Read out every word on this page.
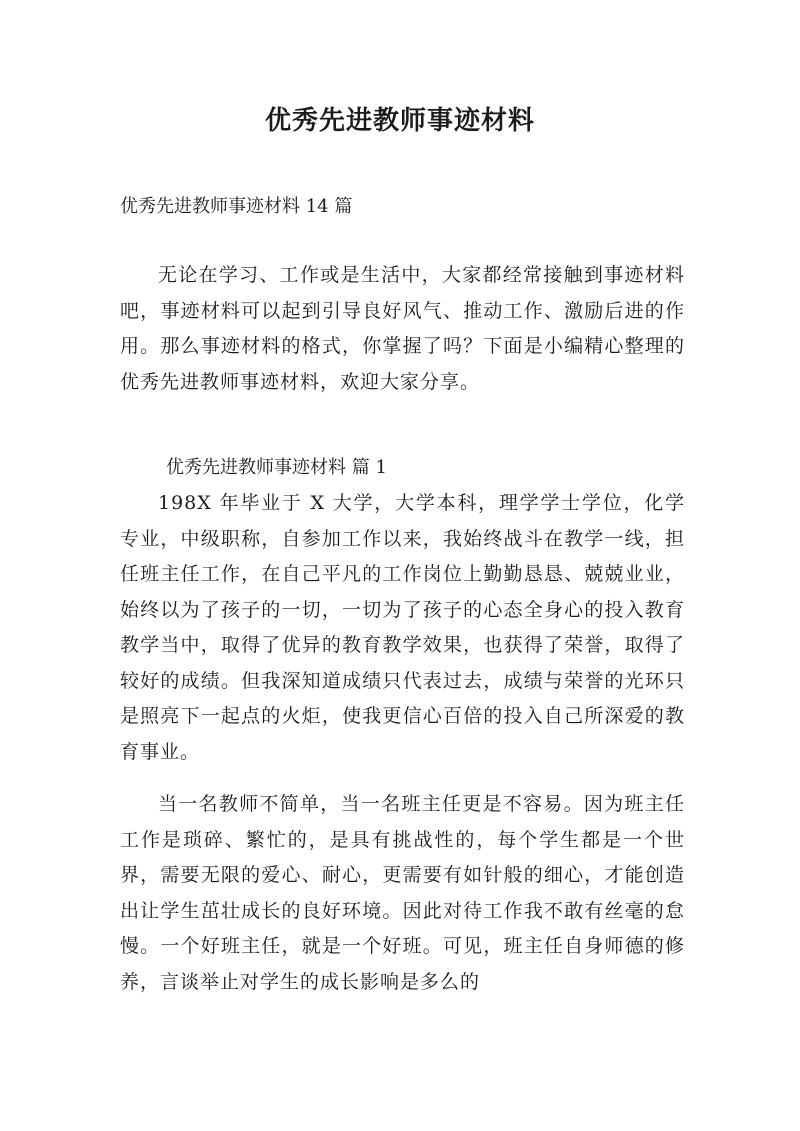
优秀先进教师事迹材料

优秀先进教师事迹材料 14 篇

无论在学习、工作或是生活中，大家都经常接触到事迹材料吧，事迹材料可以起到引导良好风气、推动工作、激励后进的作用。那么事迹材料的格式，你掌握了吗？下面是小编精心整理的优秀先进教师事迹材料，欢迎大家分享。

优秀先进教师事迹材料 篇 1

198X 年毕业于 X 大学，大学本科，理学学士学位，化学专业，中级职称，自参加工作以来，我始终战斗在教学一线，担任班主任工作，在自己平凡的工作岗位上勤勤恳恳、兢兢业业，始终以为了孩子的一切，一切为了孩子的心态全身心的投入教育教学当中，取得了优异的教育教学效果，也获得了荣誉，取得了较好的成绩。但我深知道成绩只代表过去，成绩与荣誉的光环只是照亮下一起点的火炬，使我更信心百倍的投入自己所深爱的教育事业。

当一名教师不简单，当一名班主任更是不容易。因为班主任工作是琐碎、繁忙的，是具有挑战性的，每个学生都是一个世界，需要无限的爱心、耐心，更需要有如针般的细心，才能创造出让学生茁壮成长的良好环境。因此对待工作我不敢有丝毫的怠慢。一个好班主任，就是一个好班。可见，班主任自身师德的修养，言谈举止对学生的成长影响是多么的
